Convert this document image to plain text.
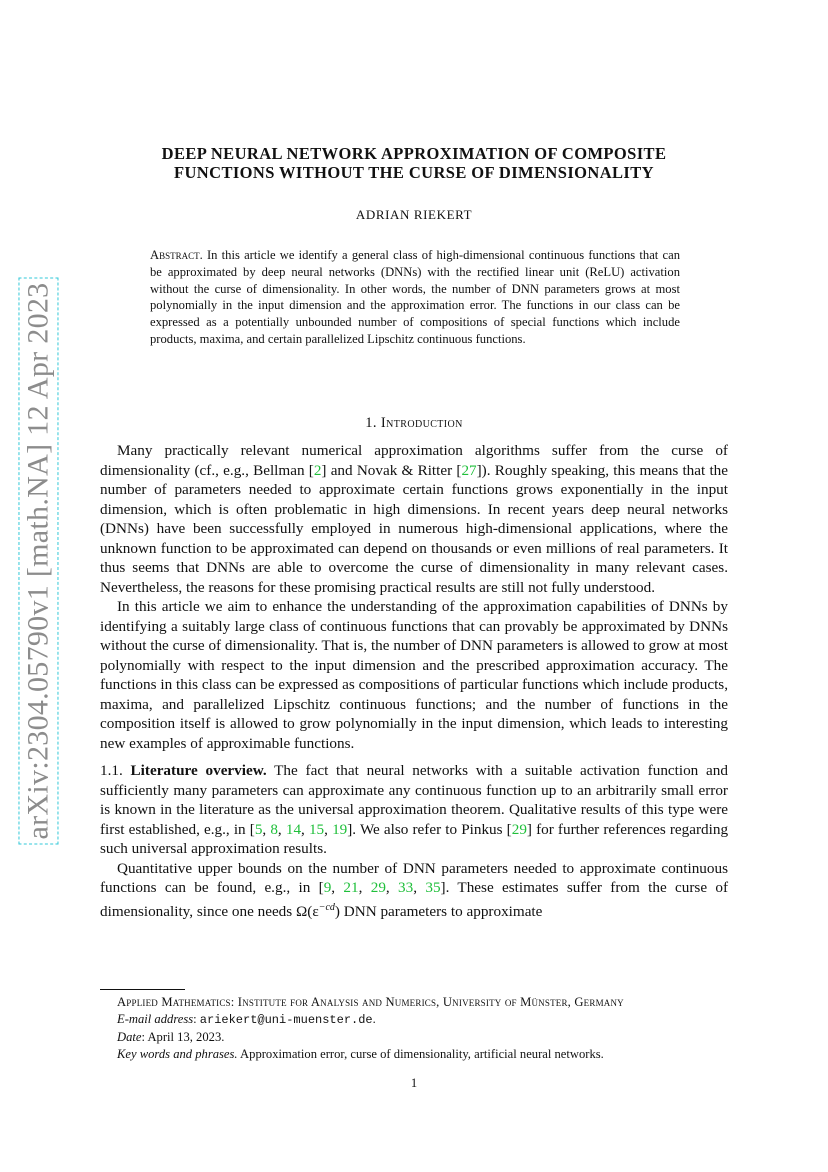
arXiv:2304.05790v1 [math.NA] 12 Apr 2023
DEEP NEURAL NETWORK APPROXIMATION OF COMPOSITE
FUNCTIONS WITHOUT THE CURSE OF DIMENSIONALITY
ADRIAN RIEKERT
Abstract. In this article we identify a general class of high-dimensional continuous functions that can be approximated by deep neural networks (DNNs) with the rectified linear unit (ReLU) activation without the curse of dimensionality. In other words, the number of DNN parameters grows at most polynomially in the input dimension and the approximation error. The functions in our class can be expressed as a potentially unbounded number of compositions of special functions which include products, maxima, and certain parallelized Lipschitz continuous functions.
1. Introduction

Many practically relevant numerical approximation algorithms suffer from the curse of dimensionality (cf., e.g., Bellman [2] and Novak & Ritter [27]). Roughly speaking, this means that the number of parameters needed to approximate certain functions grows exponentially in the input dimension, which is often problematic in high dimensions. In recent years deep neural networks (DNNs) have been successfully employed in numerous high-dimensional applications, where the unknown function to be approximated can depend on thousands or even millions of real parameters. It thus seems that DNNs are able to overcome the curse of dimensionality in many relevant cases. Nevertheless, the reasons for these promising practical results are still not fully understood.

In this article we aim to enhance the understanding of the approximation capabilities of DNNs by identifying a suitably large class of continuous functions that can provably be approximated by DNNs without the curse of dimensionality. That is, the number of DNN parameters is allowed to grow at most polynomially with respect to the input dimension and the prescribed approximation accuracy. The functions in this class can be expressed as compositions of particular functions which include products, maxima, and parallelized Lipschitz continuous functions; and the number of functions in the composition itself is allowed to grow polynomially in the input dimension, which leads to interesting new examples of approximable functions.

1.1. Literature overview. The fact that neural networks with a suitable activation function and sufficiently many parameters can approximate any continuous function up to an arbitrarily small error is known in the literature as the universal approximation theorem. Qualitative results of this type were first established, e.g., in [5, 8, 14, 15, 19]. We also refer to Pinkus [29] for further references regarding such universal approximation results.

Quantitative upper bounds on the number of DNN parameters needed to approximate continuous functions can be found, e.g., in [9, 21, 29, 33, 35]. These estimates suffer from the curse of dimensionality, since one needs $\Omega(\varepsilon^{-cd})$ DNN parameters to approximate

Applied Mathematics: Institute for Analysis and Numerics, University of Münster, Germany

E-mail address: ariekert@uni-muenster.de.

Date: April 13, 2023.

Key words and phrases. Approximation error, curse of dimensionality, artificial neural networks.

1
